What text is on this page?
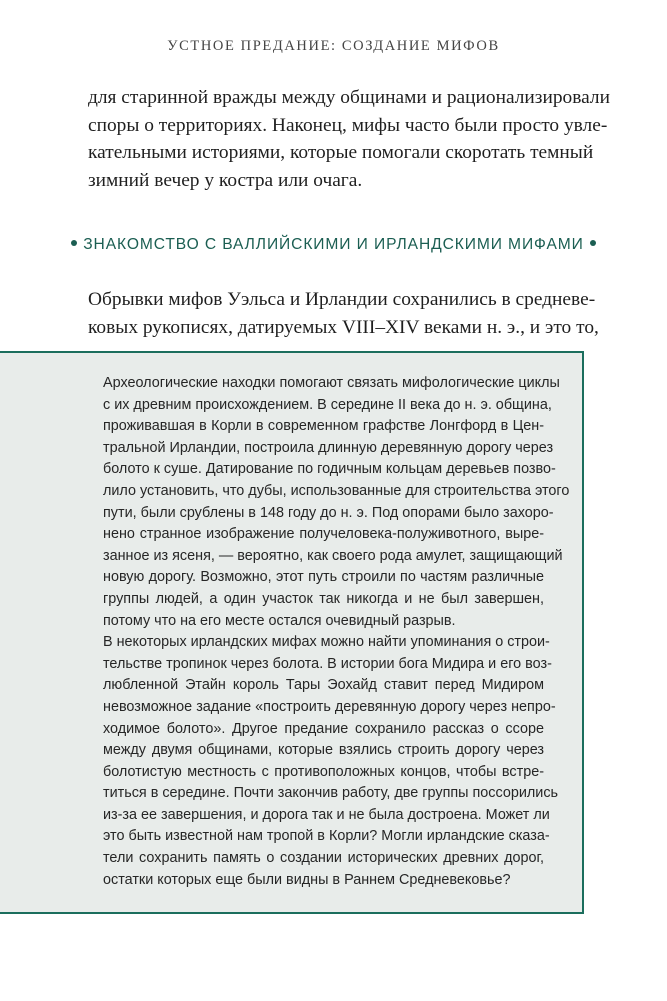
УСТНОЕ ПРЕДАНИЕ: СОЗДАНИЕ МИФОВ
для старинной вражды между общинами и рационализировали
споры о территориях. Наконец, мифы часто были просто увле-
кательными историями, которые помогали скоротать темный
зимний вечер у костра или очага.
ЗНАКОМСТВО С ВАЛЛИЙСКИМИ И ИРЛАНДСКИМИ МИФАМИ
Обрывки мифов Уэльса и Ирландии сохранились в средневе-
ковых рукописях, датируемых VIII–XIV веками н. э., и это то,
Археологические находки помогают связать мифологические циклы
с их древним происхождением. В середине II века до н. э. община,
проживавшая в Корли в современном графстве Лонгфорд в Цен-
тральной Ирландии, построила длинную деревянную дорогу через
болото к суше. Датирование по годичным кольцам деревьев позво-
лило установить, что дубы, использованные для строительства этого
пути, были срублены в 148 году до н. э. Под опорами было захоро-
нено странное изображение получеловека-полуживотного, выре-
занное из ясеня, — вероятно, как своего рода амулет, защищающий
новую дорогу. Возможно, этот путь строили по частям различные
группы людей, а один участок так никогда и не был завершен,
потому что на его месте остался очевидный разрыв.
В некоторых ирландских мифах можно найти упоминания о строи-
тельстве тропинок через болота. В истории бога Мидира и его воз-
любленной Этайн король Тары Эохайд ставит перед Мидиром
невозможное задание «построить деревянную дорогу через непро-
ходимое болото». Другое предание сохранило рассказ о ссоре
между двумя общинами, которые взялись строить дорогу через
болотистую местность с противоположных концов, чтобы встре-
титься в середине. Почти закончив работу, две группы поссорились
из-за ее завершения, и дорога так и не была достроена. Может ли
это быть известной нам тропой в Корли? Могли ирландские сказа-
тели сохранить память о создании исторических древних дорог,
остатки которых еще были видны в Раннем Средневековье?
